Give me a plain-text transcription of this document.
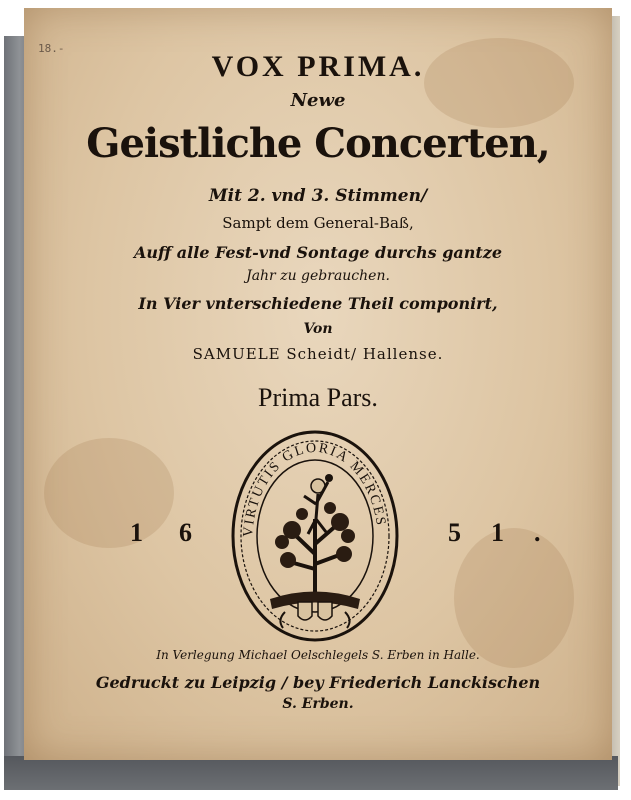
18.-
VOX PRIMA.
Newe
Geistliche Concerten,
Mit 2. vnd 3. Stimmen/
Sampt dem General-Baß,
Auff alle Fest-vnd Sontage durchs gantze
Jahr zu gebrauchen.
In Vier vnterschiedene Theil componirt,
Von
SAMUELE Scheidt/ Hallense.
Prima Pars.
16	51.
VIRTUTIS GLORIA MERCES
In Verlegung Michael Oelschlegels S. Erben in Halle.
Gedruckt zu Leipzig / bey Friederich Lanckischen
S. Erben.
